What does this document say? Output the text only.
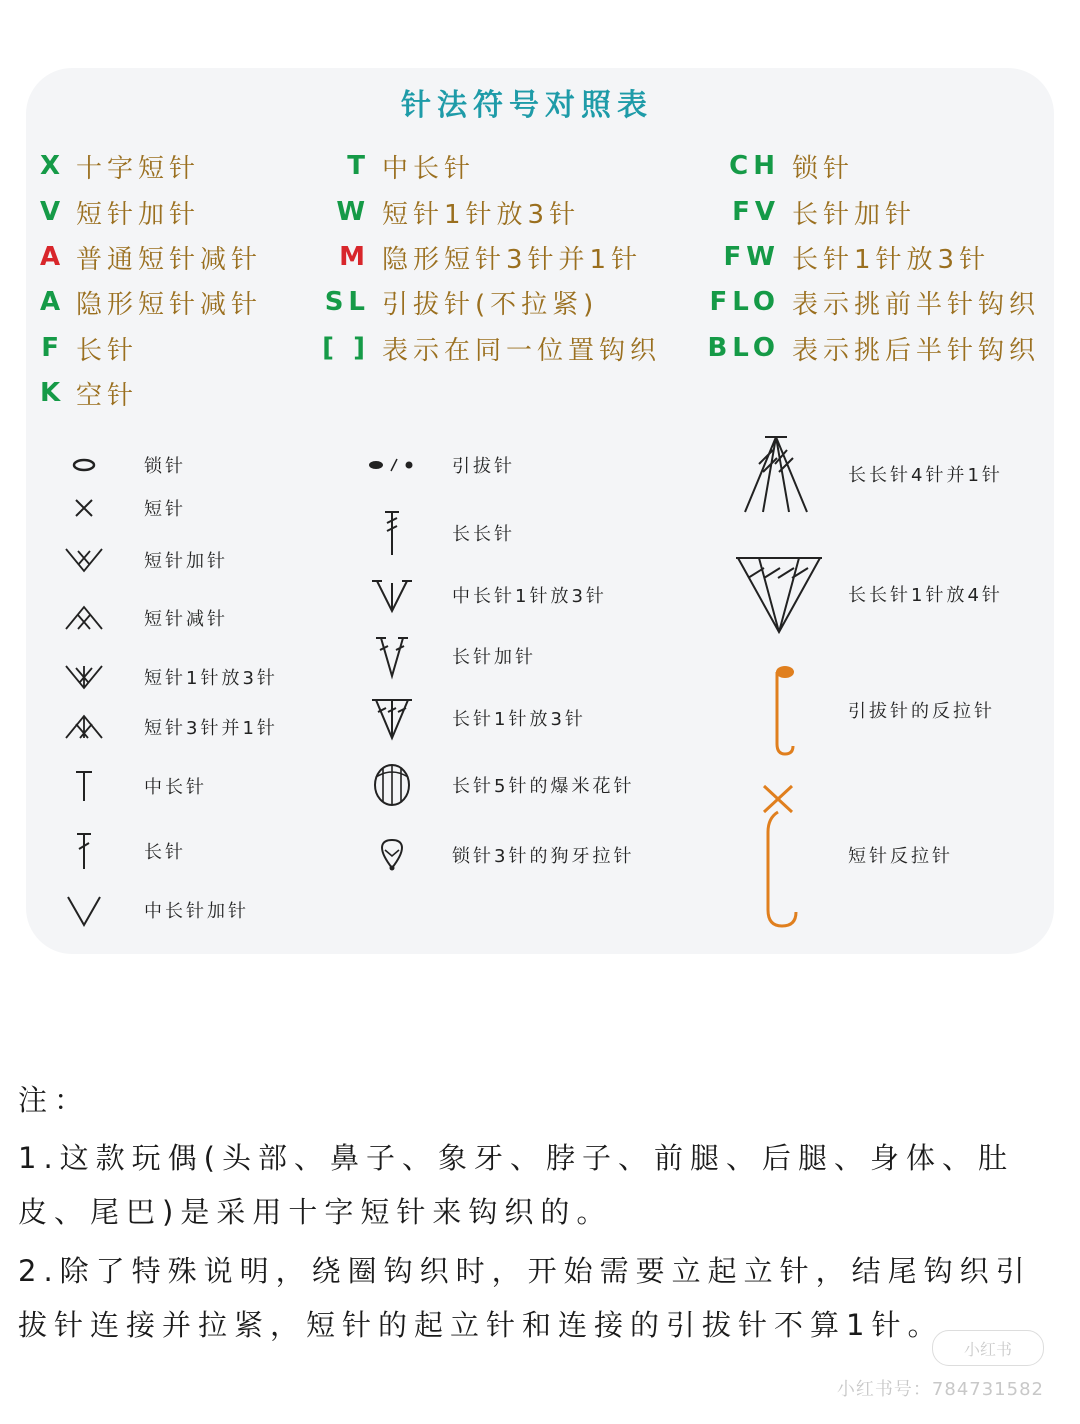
针法符号对照表
X 十字短针
V 短针加针
A 普通短针减针
A 隐形短针减针
F 长针
K 空针
T 中长针
W 短针1针放3针
M 隐形短针3针并1针
SL 引拔针(不拉紧)
[ ] 表示在同一位置钩织
CH 锁针
FV 长针加针
FW 长针1针放3针
FLO 表示挑前半针钩织
BLO 表示挑后半针钩织
锁针
短针
短针加针
短针减针
短针1针放3针
短针3针并1针
中长针
长针
中长针加针
引拔针
长长针
中长针1针放3针
长针加针
长针1针放3针
长针5针的爆米花针
锁针3针的狗牙拉针
长长针4针并1针
长长针1针放4针
引拔针的反拉针
短针反拉针
注：
1.这款玩偶(头部、鼻子、象牙、脖子、前腿、后腿、身体、肚
皮、尾巴)是采用十字短针来钩织的。
2.除了特殊说明，绕圈钩织时，开始需要立起立针，结尾钩织引
拔针连接并拉紧，短针的起立针和连接的引拔针不算1针。
小红书
小红书号：784731582
